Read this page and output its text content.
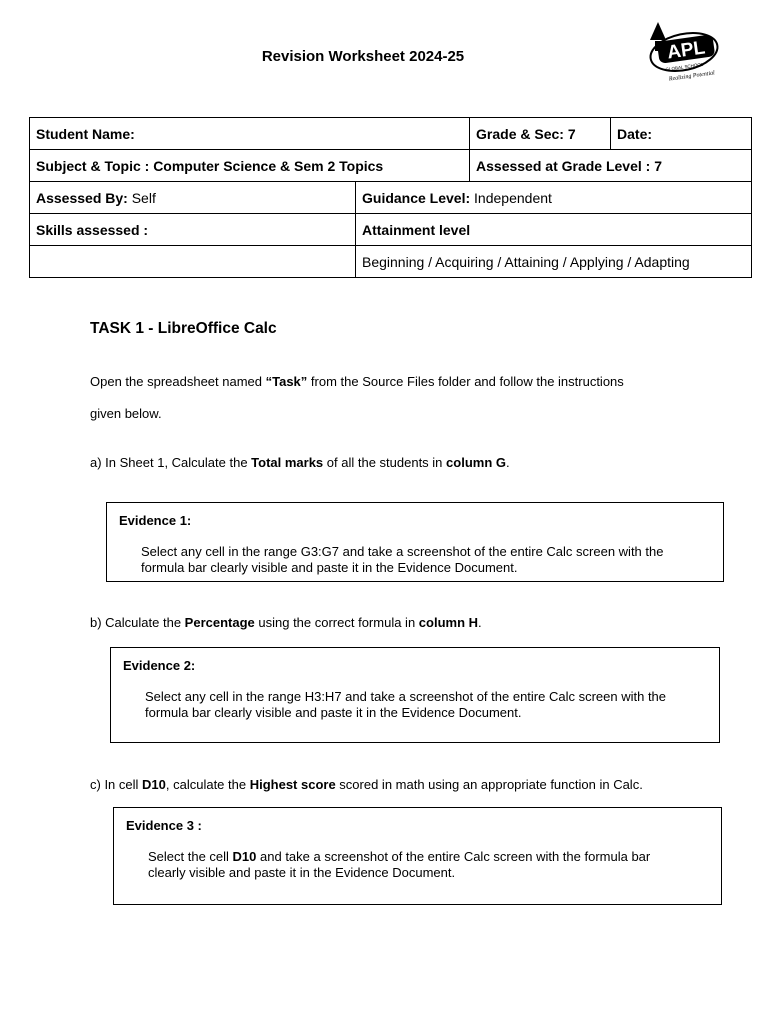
Revision Worksheet 2024-25	APL
GLOBAL SCHOOL
Realizing Potential
Student Name:		Grade & Sec: 7	Date:
Subject & Topic : Computer Science & Sem 2 Topics		Assessed at Grade Level : 7	
Assessed By: Self	Guidance Level: Independent		
Skills assessed :	Attainment level		
	Beginning / Acquiring / Attaining / Applying / Adapting		
TASK 1 - LibreOffice Calc
Open the spreadsheet named “Task” from the Source Files folder and follow the instructions
given below.
a) In Sheet 1, Calculate the Total marks of all the students in column G.
Evidence 1:
Select any cell in the range G3:G7 and take a screenshot of the entire Calc screen with the
formula bar clearly visible and paste it in the Evidence Document.
b) Calculate the Percentage using the correct formula in column H.
Evidence 2:
Select any cell in the range H3:H7 and take a screenshot of the entire Calc screen with the
formula bar clearly visible and paste it in the Evidence Document.
c) In cell D10, calculate the Highest score scored in math using an appropriate function in Calc.
Evidence 3 :
Select the cell D10 and take a screenshot of the entire Calc screen with the formula bar
clearly visible and paste it in the Evidence Document.
